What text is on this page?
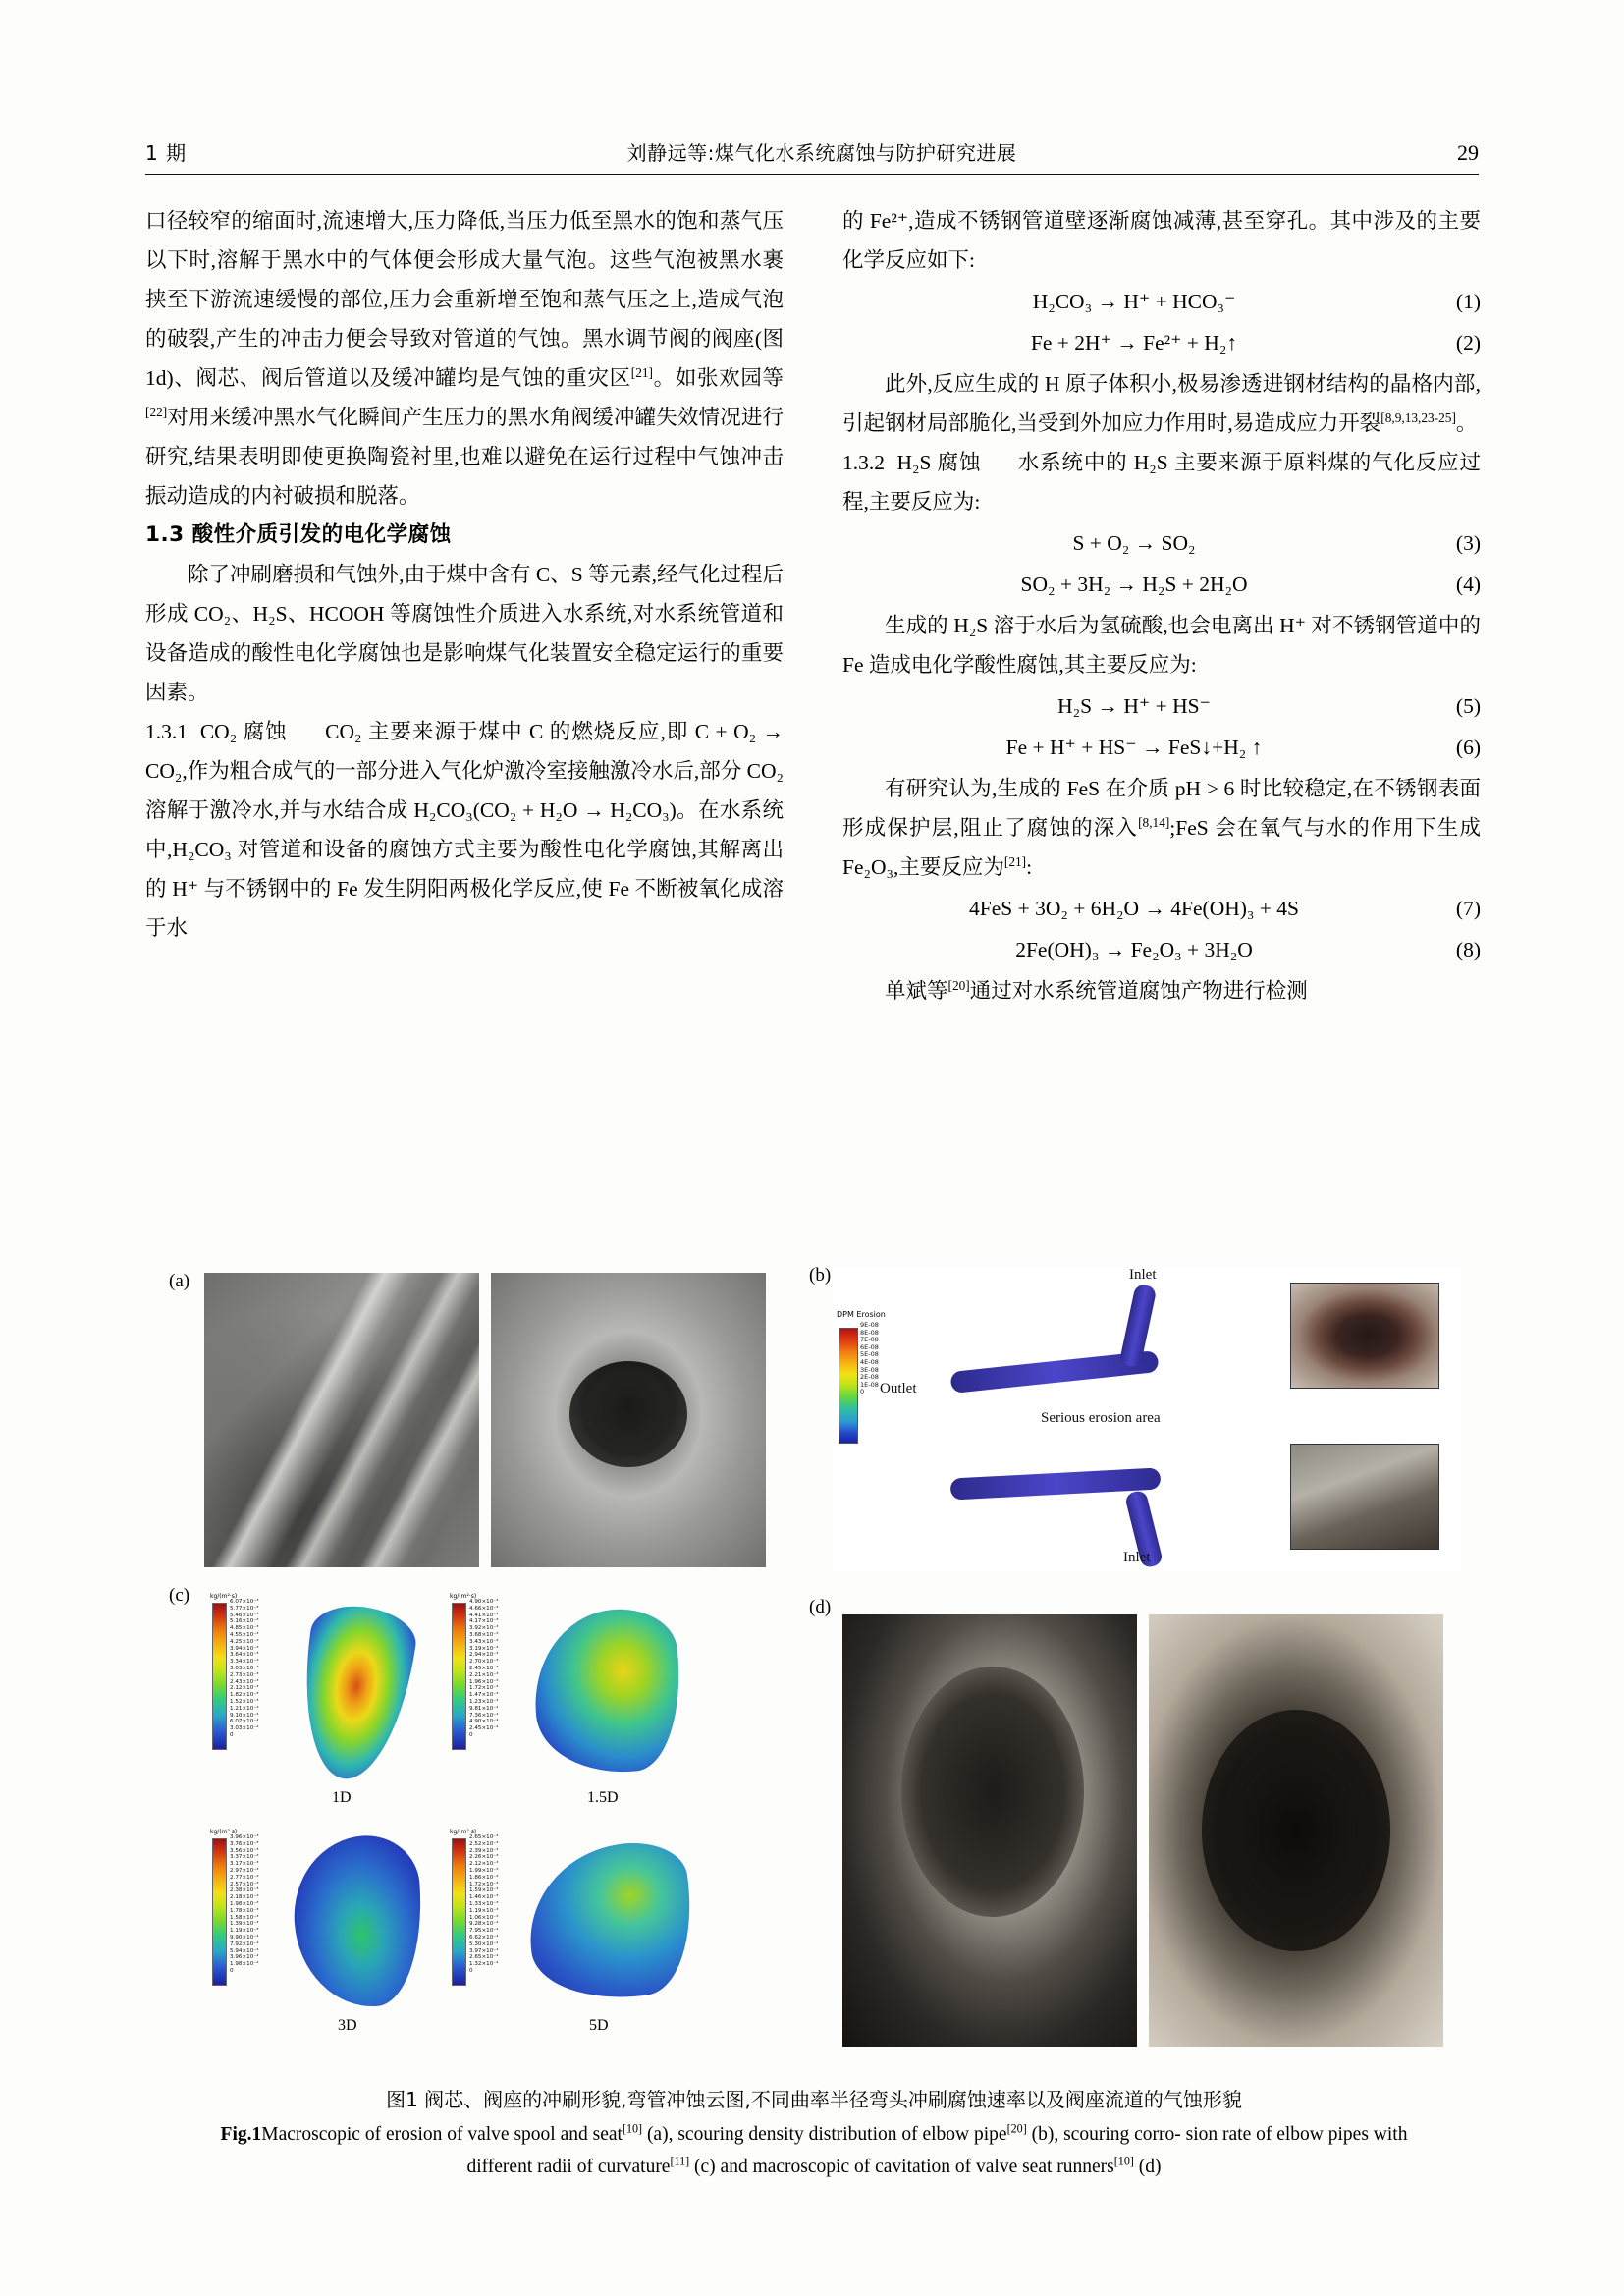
1 期	刘静远等:煤气化水系统腐蚀与防护研究进展	29

口径较窄的缩面时,流速增大,压力降低,当压力低至黑水的饱和蒸气压以下时,溶解于黑水中的气体便会形成大量气泡。这些气泡被黑水裹挟至下游流速缓慢的部位,压力会重新增至饱和蒸气压之上,造成气泡的破裂,产生的冲击力便会导致对管道的气蚀。黑水调节阀的阀座(图1d)、阀芯、阀后管道以及缓冲罐均是气蚀的重灾区[21]。如张欢园等[22]对用来缓冲黑水气化瞬间产生压力的黑水角阀缓冲罐失效情况进行研究,结果表明即使更换陶瓷衬里,也难以避免在运行过程中气蚀冲击振动造成的内衬破损和脱落。

1.3 酸性介质引发的电化学腐蚀

除了冲刷磨损和气蚀外,由于煤中含有 C、S 等元素,经气化过程后形成 CO₂、H₂S、HCOOH 等腐蚀性介质进入水系统,对水系统管道和设备造成的酸性电化学腐蚀也是影响煤气化装置安全稳定运行的重要因素。

1.3.1 CO₂ 腐蚀 CO₂ 主要来源于煤中 C 的燃烧反应,即 C + O₂ → CO₂,作为粗合成气的一部分进入气化炉激冷室接触激冷水后,部分 CO₂ 溶解于激冷水,并与水结合成 H₂CO₃(CO₂ + H₂O → H₂CO₃)。在水系统中,H₂CO₃ 对管道和设备的腐蚀方式主要为酸性电化学腐蚀,其解离出的 H⁺ 与不锈钢中的 Fe 发生阴阳两极化学反应,使 Fe 不断被氧化成溶于水

的 Fe²⁺,造成不锈钢管道壁逐渐腐蚀减薄,甚至穿孔。其中涉及的主要化学反应如下:

H₂CO₃ → H⁺ + HCO₃⁻	(1)
Fe + 2H⁺ → Fe²⁺ + H₂↑	(2)

此外,反应生成的 H 原子体积小,极易渗透进钢材结构的晶格内部,引起钢材局部脆化,当受到外加应力作用时,易造成应力开裂[8,9,13,23-25]。

1.3.2 H₂S 腐蚀 水系统中的 H₂S 主要来源于原料煤的气化反应过程,主要反应为:

S + O₂ → SO₂	(3)
SO₂ + 3H₂ → H₂S + 2H₂O	(4)

生成的 H₂S 溶于水后为氢硫酸,也会电离出 H⁺ 对不锈钢管道中的 Fe 造成电化学酸性腐蚀,其主要反应为:

H₂S → H⁺ + HS⁻	(5)
Fe + H⁺ + HS⁻ → FeS↓+H₂ ↑	(6)

有研究认为,生成的 FeS 在介质 pH > 6 时比较稳定,在不锈钢表面形成保护层,阻止了腐蚀的深入[8,14];FeS 会在氧气与水的作用下生成 Fe₂O₃,主要反应为[21]:

4FeS + 3O₂ + 6H₂O → 4Fe(OH)₃ + 4S	(7)
2Fe(OH)₃ → Fe₂O₃ + 3H₂O	(8)

单斌等[20]通过对水系统管道腐蚀产物进行检测

(a)	(b)
DPM Erosion
9E-08
8E-08
7E-08
6E-08
5E-08
4E-08
3E-08
2E-08
1E-08
0
Inlet
Inlet
Outlet
Serious erosion area
(c)	kg/(m²·s)
6.07×10⁻³
5.77×10⁻³
5.46×10⁻³
5.16×10⁻³
4.85×10⁻³
4.55×10⁻³
4.25×10⁻³
3.94×10⁻³
3.64×10⁻³
3.34×10⁻³
3.03×10⁻³
2.73×10⁻³
2.43×10⁻³
2.12×10⁻³
1.82×10⁻³
1.52×10⁻³
1.21×10⁻³
9.10×10⁻⁴
6.07×10⁻⁴
3.03×10⁻⁴
0
1D
kg/(m²·s)
4.90×10⁻³
4.66×10⁻³
4.41×10⁻³
4.17×10⁻³
3.92×10⁻³
3.68×10⁻³
3.43×10⁻³
3.19×10⁻³
2.94×10⁻³
2.70×10⁻³
2.45×10⁻³
2.21×10⁻³
1.96×10⁻³
1.72×10⁻³
1.47×10⁻³
1.23×10⁻³
9.81×10⁻⁴
7.36×10⁻⁴
4.90×10⁻⁴
2.45×10⁻⁴
0
1.5D
kg/(m²·s)
3.96×10⁻³
3.76×10⁻³
3.56×10⁻³
3.37×10⁻³
3.17×10⁻³
2.97×10⁻³
2.77×10⁻³
2.57×10⁻³
2.38×10⁻³
2.18×10⁻³
1.98×10⁻³
1.78×10⁻³
1.58×10⁻³
1.39×10⁻³
1.19×10⁻³
9.90×10⁻⁴
7.92×10⁻⁴
5.94×10⁻⁴
3.96×10⁻⁴
1.98×10⁻⁴
0
3D
kg/(m²·s)
2.65×10⁻³
2.52×10⁻³
2.39×10⁻³
2.26×10⁻³
2.12×10⁻³
1.99×10⁻³
1.86×10⁻³
1.72×10⁻³
1.59×10⁻³
1.46×10⁻³
1.33×10⁻³
1.19×10⁻³
1.06×10⁻³
9.28×10⁻⁴
7.95×10⁻⁴
6.62×10⁻⁴
5.30×10⁻⁴
3.97×10⁻⁴
2.65×10⁻⁴
1.32×10⁻⁴
0
5D
(d)
图1 阀芯、阀座的冲刷形貌,弯管冲蚀云图,不同曲率半径弯头冲刷腐蚀速率以及阀座流道的气蚀形貌
Fig.1Macroscopic of erosion of valve spool and seat[10] (a), scouring density distribution of elbow pipe[20] (b), scouring corro- sion rate of elbow pipes with different radii of curvature[11] (c) and macroscopic of cavitation of valve seat runners[10] (d)
